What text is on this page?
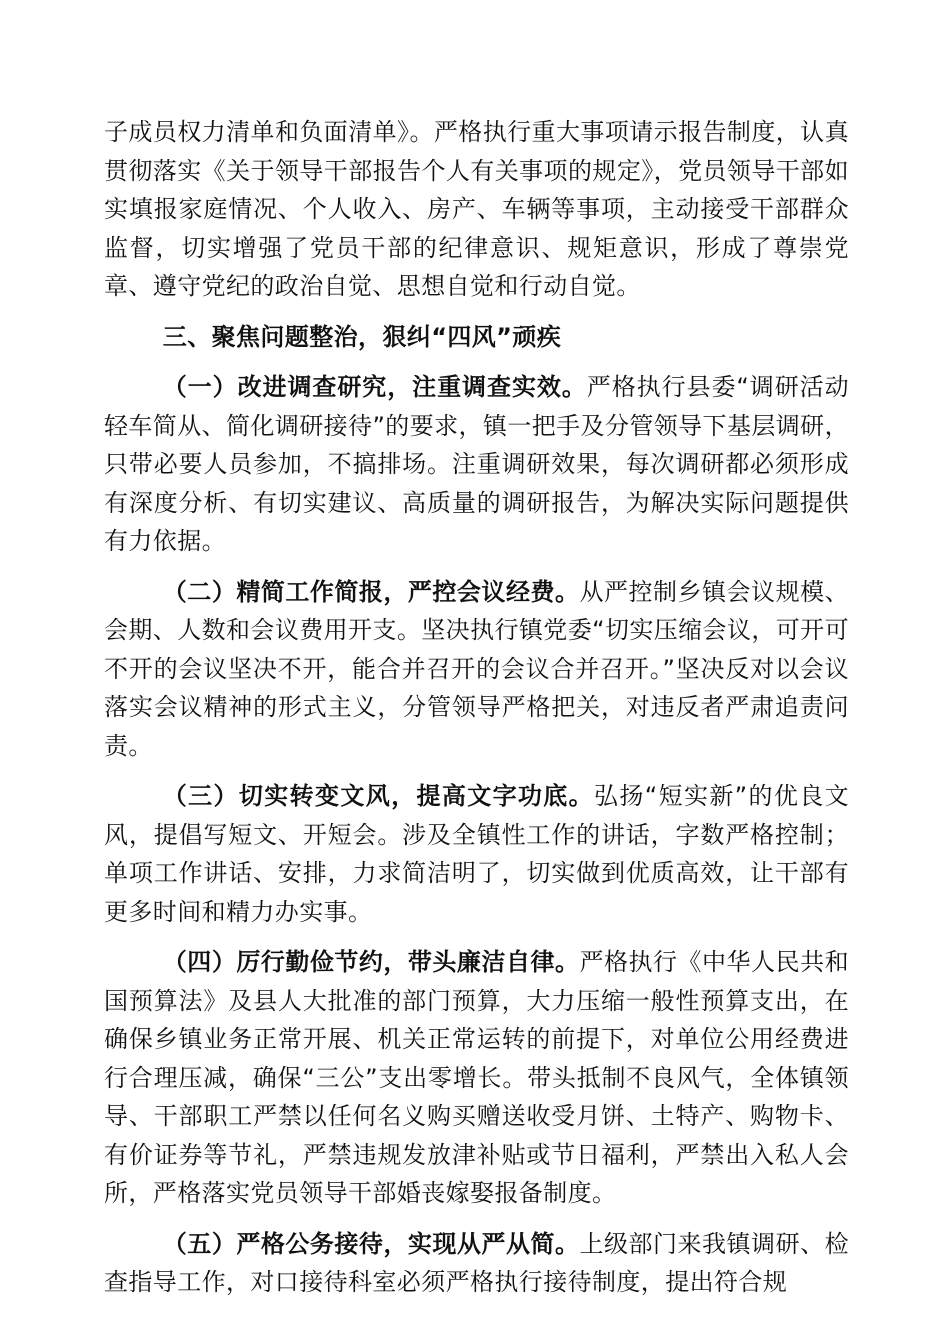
子成员权力清单和负面清单》。严格执行重大事项请示报告制度，认真贯彻落实《关于领导干部报告个人有关事项的规定》，党员领导干部如实填报家庭情况、个人收入、房产、车辆等事项，主动接受干部群众监督，切实增强了党员干部的纪律意识、规矩意识，形成了尊崇党章、遵守党纪的政治自觉、思想自觉和行动自觉。

三、聚焦问题整治，狠纠“四风”顽疾

（一）改进调查研究，注重调查实效。严格执行县委“调研活动轻车简从、简化调研接待”的要求，镇一把手及分管领导下基层调研，只带必要人员参加，不搞排场。注重调研效果，每次调研都必须形成有深度分析、有切实建议、高质量的调研报告，为解决实际问题提供有力依据。

（二）精简工作简报，严控会议经费。从严控制乡镇会议规模、会期、人数和会议费用开支。坚决执行镇党委“切实压缩会议，可开可不开的会议坚决不开，能合并召开的会议合并召开。”坚决反对以会议落实会议精神的形式主义，分管领导严格把关，对违反者严肃追责问责。

（三）切实转变文风，提高文字功底。弘扬“短实新”的优良文风，提倡写短文、开短会。涉及全镇性工作的讲话，字数严格控制；单项工作讲话、安排，力求简洁明了，切实做到优质高效，让干部有更多时间和精力办实事。

（四）厉行勤俭节约，带头廉洁自律。严格执行《中华人民共和国预算法》及县人大批准的部门预算，大力压缩一般性预算支出，在确保乡镇业务正常开展、机关正常运转的前提下，对单位公用经费进行合理压减，确保“三公”支出零增长。带头抵制不良风气，全体镇领导、干部职工严禁以任何名义购买赠送收受月饼、土特产、购物卡、有价证券等节礼，严禁违规发放津补贴或节日福利，严禁出入私人会所，严格落实党员领导干部婚丧嫁娶报备制度。

（五）严格公务接待，实现从严从简。上级部门来我镇调研、检查指导工作，对口接待科室必须严格执行接待制度，提出符合规
